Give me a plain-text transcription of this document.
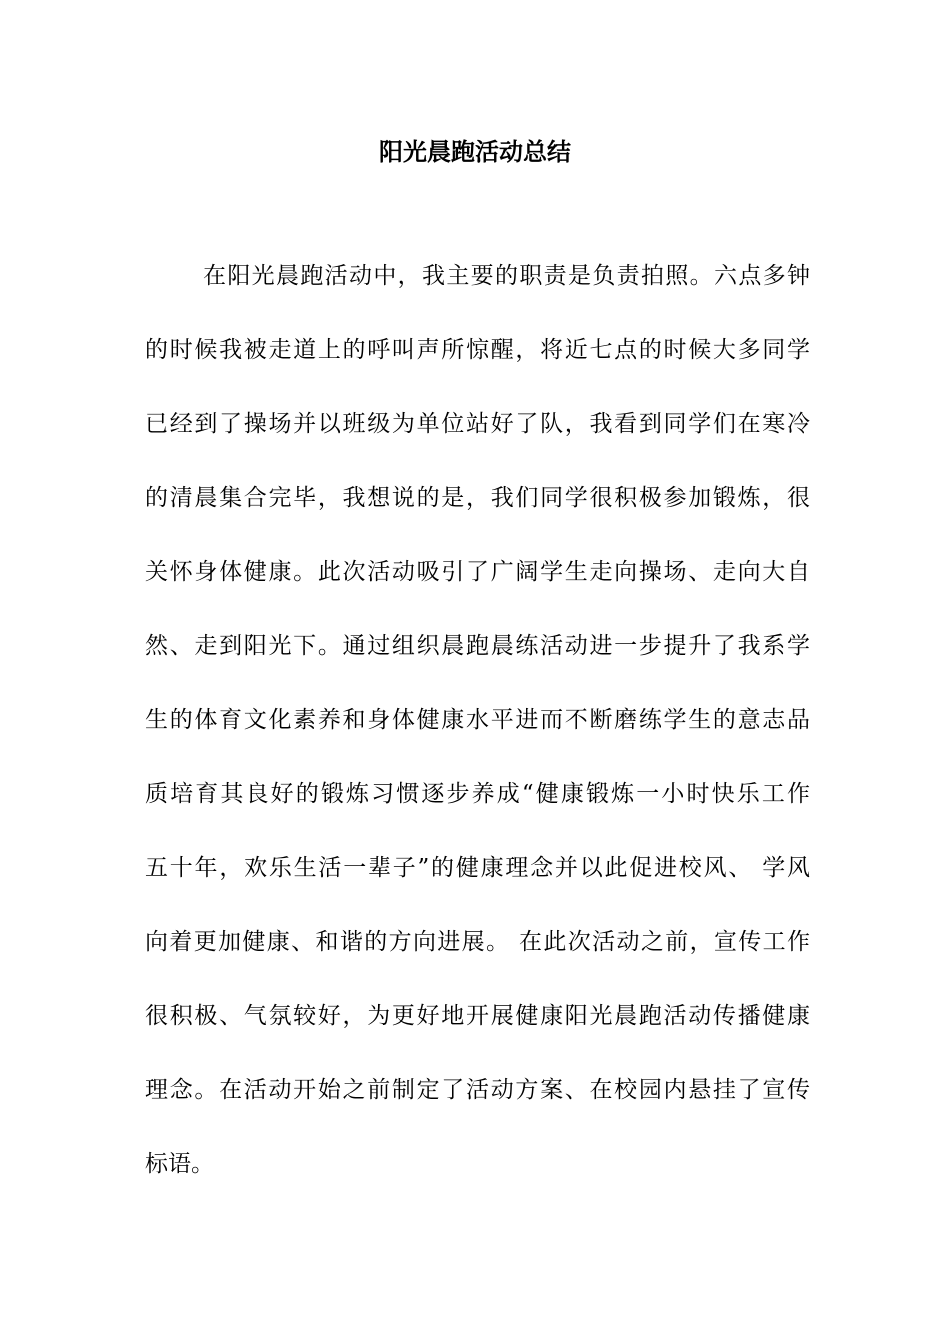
阳光晨跑活动总结
在阳光晨跑活动中，我主要的职责是负责拍照。六点多钟
的时候我被走道上的呼叫声所惊醒，将近七点的时候大多同学
已经到了操场并以班级为单位站好了队，我看到同学们在寒冷
的清晨集合完毕，我想说的是，我们同学很积极参加锻炼，很
关怀身体健康。此次活动吸引了广阔学生走向操场、走向大自
然、走到阳光下。通过组织晨跑晨练活动进一步提升了我系学
生的体育文化素养和身体健康水平进而不断磨练学生的意志品
质培育其良好的锻炼习惯逐步养成“健康锻炼一小时快乐工作
五十年，欢乐生活一辈子”的健康理念并以此促进校风、 学风
向着更加健康、和谐的方向进展。 在此次活动之前，宣传工作
很积极、气氛较好，为更好地开展健康阳光晨跑活动传播健康
理念。在活动开始之前制定了活动方案、在校园内悬挂了宣传
标语。
